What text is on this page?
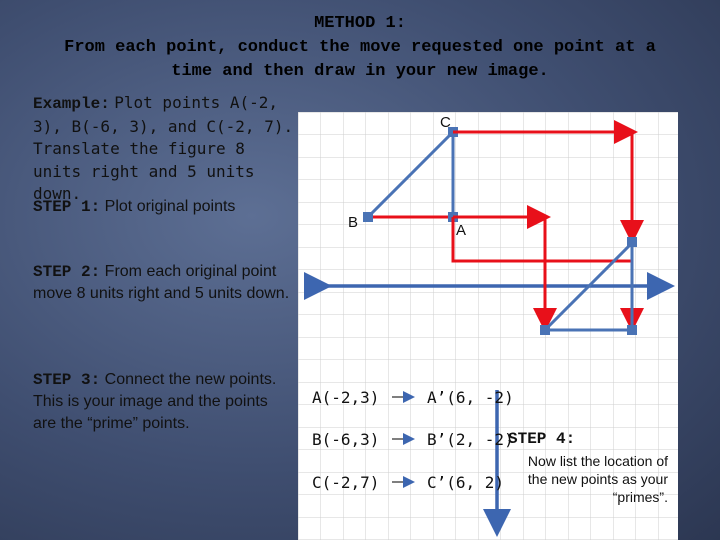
METHOD 1:
From each point, conduct the move requested one point at a
time and then draw in your new image.
Example: Plot points A(-2, 3), B(-6, 3), and C(-2, 7). Translate the figure 8 units right and 5 units down.
STEP 1: Plot original points
STEP 2: From each original point move 8 units right and 5 units down.
STEP 3: Connect the new points. This is your image and the points are the “prime” points.
C
B	A
A(-2,3)	A’(6, -2)
B(-6,3)	B’(2, -2)
C(-2,7)	C’(6, 2)
STEP 4:
Now list the location of the new points as your “primes”.
